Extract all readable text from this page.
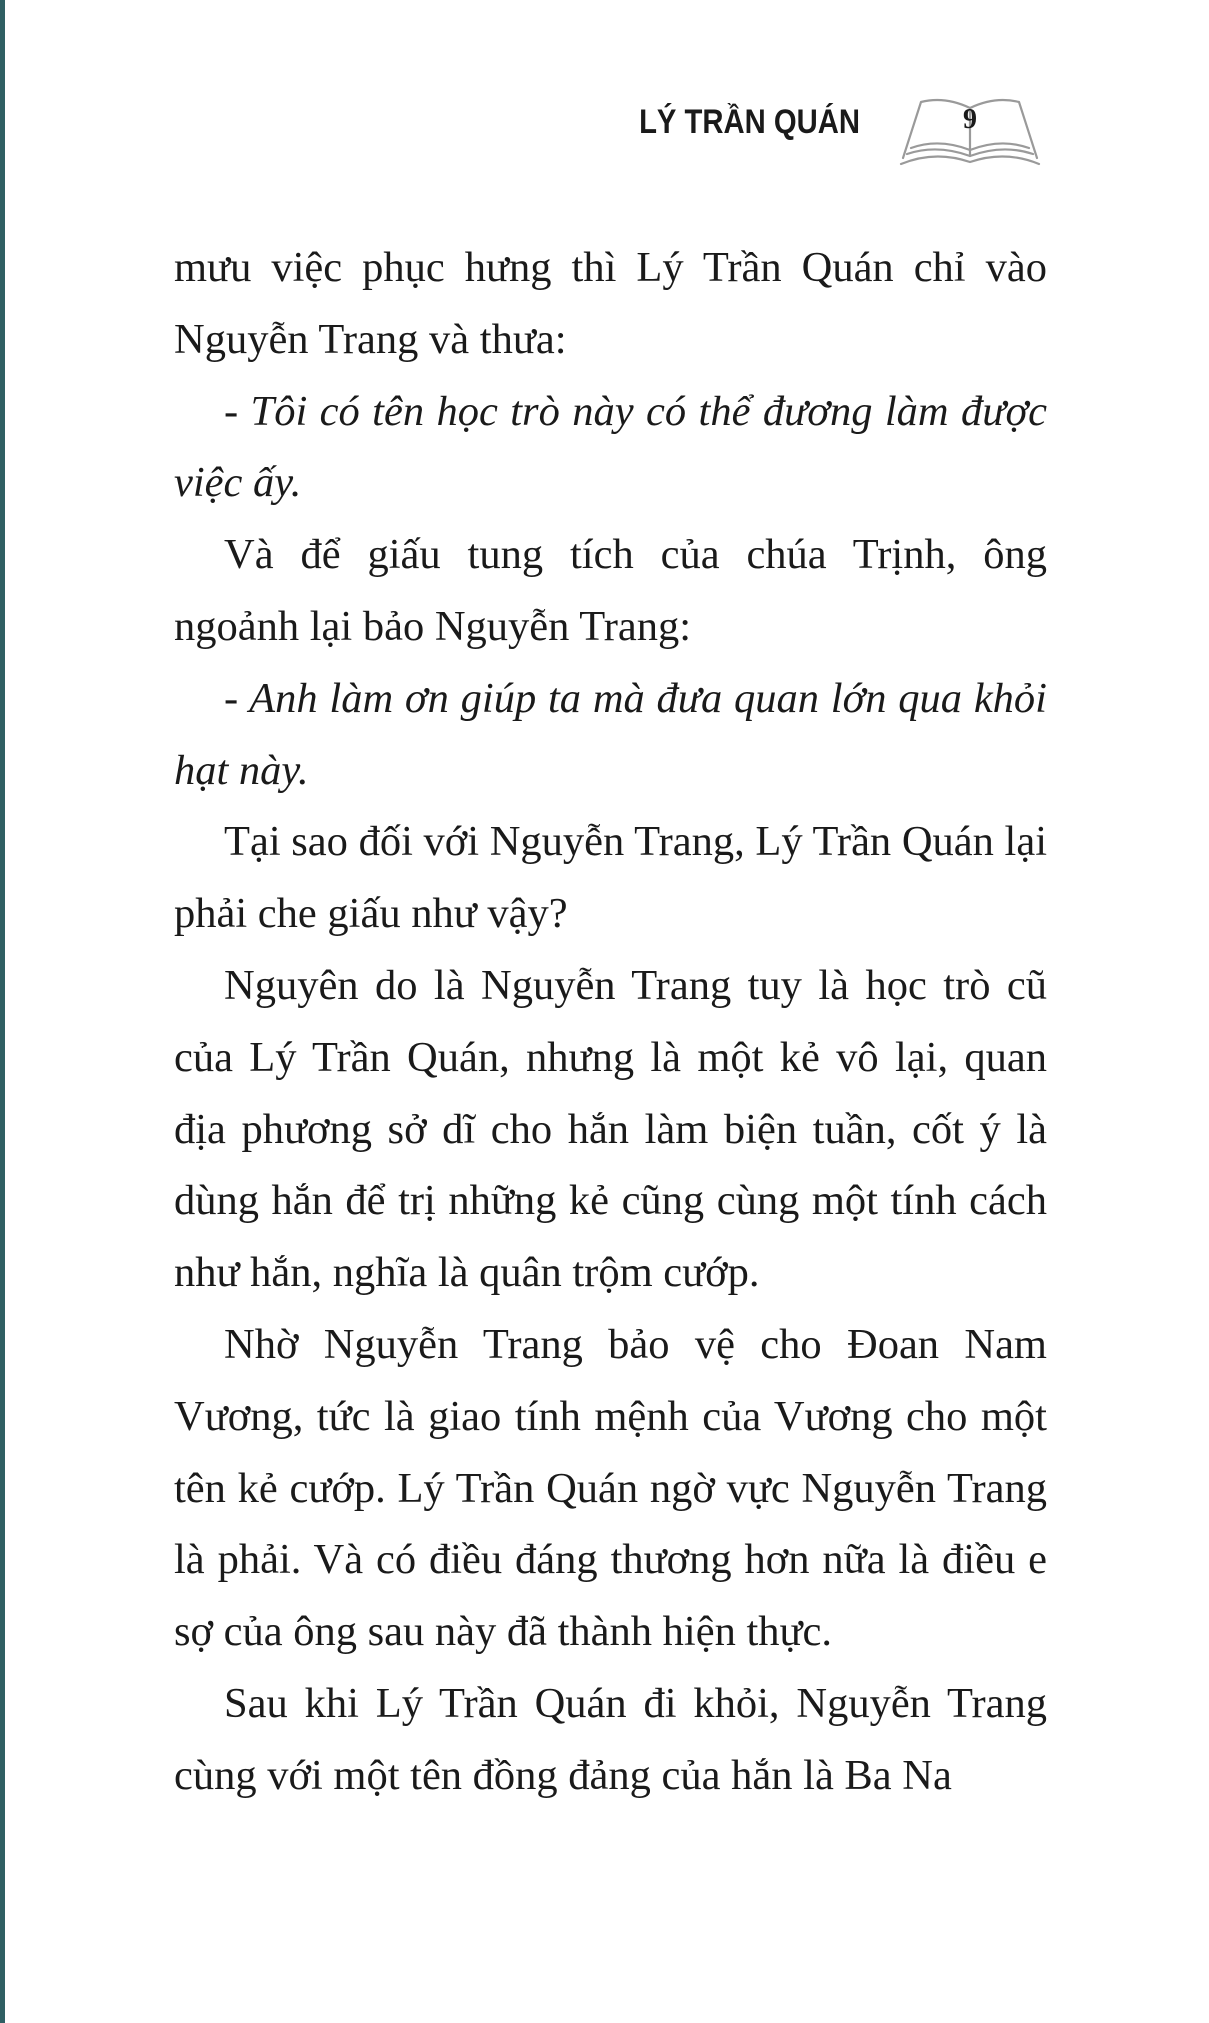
LÝ TRẦN QUÁN	9

mưu việc phục hưng thì Lý Trần Quán chỉ vào Nguyễn Trang và thưa:

- Tôi có tên học trò này có thể đương làm được việc ấy.

Và để giấu tung tích của chúa Trịnh, ông ngoảnh lại bảo Nguyễn Trang:

- Anh làm ơn giúp ta mà đưa quan lớn qua khỏi hạt này.

Tại sao đối với Nguyễn Trang, Lý Trần Quán lại phải che giấu như vậy?

Nguyên do là Nguyễn Trang tuy là học trò cũ của Lý Trần Quán, nhưng là một kẻ vô lại, quan địa phương sở dĩ cho hắn làm biện tuần, cốt ý là dùng hắn để trị những kẻ cũng cùng một tính cách như hắn, nghĩa là quân trộm cướp.

Nhờ Nguyễn Trang bảo vệ cho Đoan Nam Vương, tức là giao tính mệnh của Vương cho một tên kẻ cướp. Lý Trần Quán ngờ vực Nguyễn Trang là phải. Và có điều đáng thương hơn nữa là điều e sợ của ông sau này đã thành hiện thực.

Sau khi Lý Trần Quán đi khỏi, Nguyễn Trang cùng với một tên đồng đảng của hắn là Ba Na
